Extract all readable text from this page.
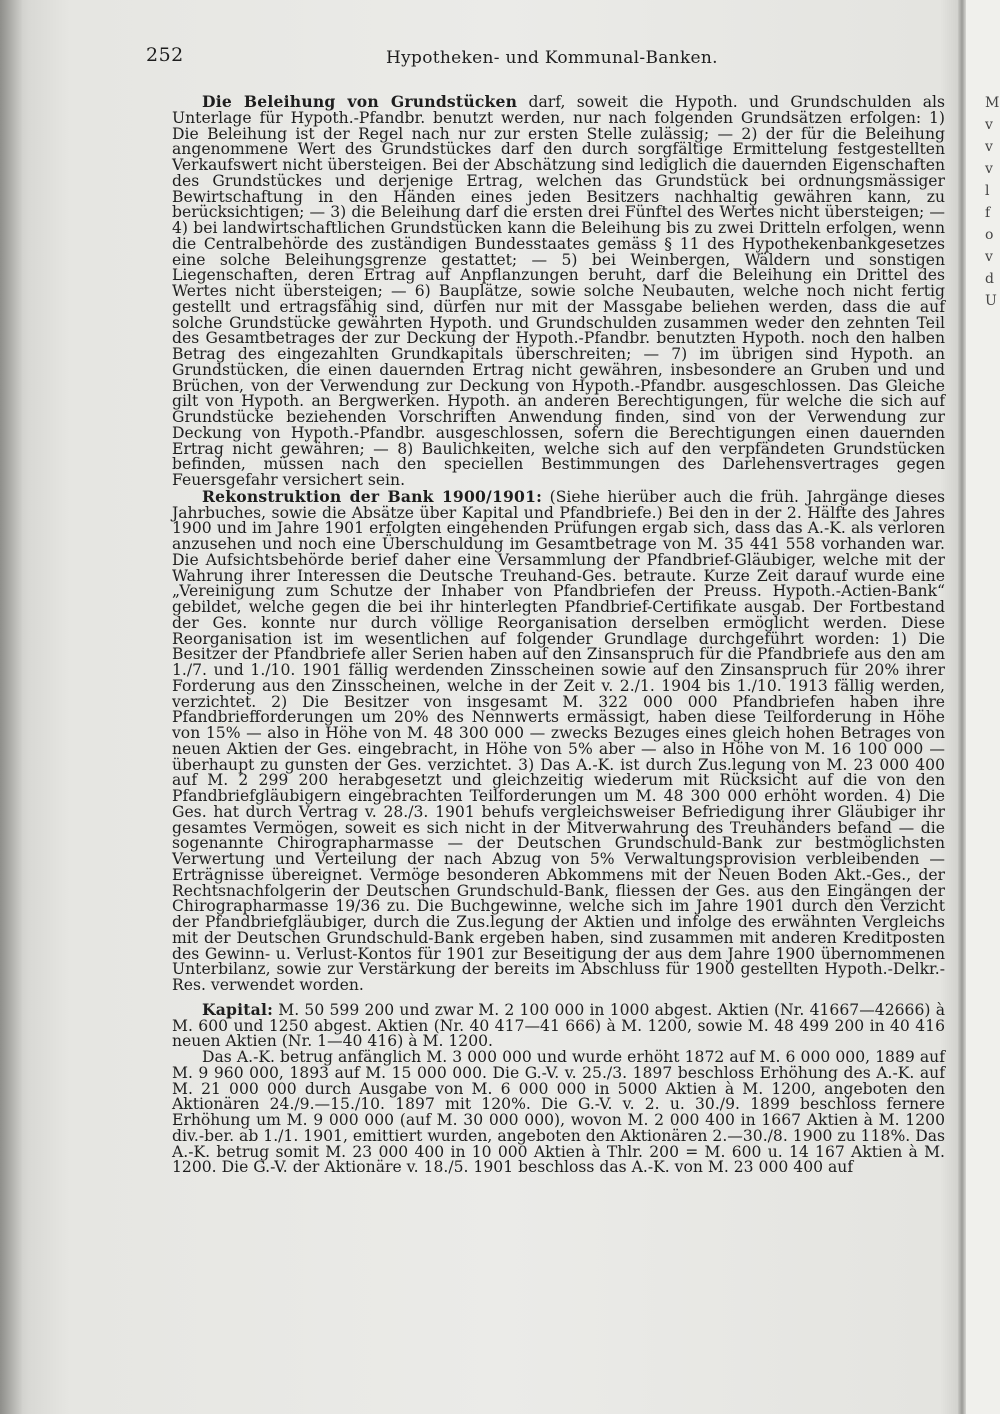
252	Hypotheken- und Kommunal-Banken.

Die Beleihung von Grundstücken darf, soweit die Hypoth. und Grundschulden als Unterlage für Hypoth.-Pfandbr. benutzt werden, nur nach folgenden Grundsätzen erfolgen: 1) Die Beleihung ist der Regel nach nur zur ersten Stelle zulässig; — 2) der für die Beleihung angenommene Wert des Grundstückes darf den durch sorgfältige Ermittelung festgestellten Verkaufswert nicht übersteigen. Bei der Abschätzung sind lediglich die dauernden Eigenschaften des Grundstückes und derjenige Ertrag, welchen das Grundstück bei ordnungsmässiger Bewirtschaftung in den Händen eines jeden Besitzers nachhaltig gewähren kann, zu berücksichtigen; — 3) die Beleihung darf die ersten drei Fünftel des Wertes nicht übersteigen; — 4) bei landwirtschaftlichen Grundstücken kann die Beleihung bis zu zwei Dritteln erfolgen, wenn die Centralbehörde des zuständigen Bundesstaates gemäss § 11 des Hypothekenbankgesetzes eine solche Beleihungsgrenze gestattet; — 5) bei Weinbergen, Wäldern und sonstigen Liegenschaften, deren Ertrag auf Anpflanzungen beruht, darf die Beleihung ein Drittel des Wertes nicht übersteigen; — 6) Bauplätze, sowie solche Neubauten, welche noch nicht fertig gestellt und ertragsfähig sind, dürfen nur mit der Massgabe beliehen werden, dass die auf solche Grundstücke gewährten Hypoth. und Grundschulden zusammen weder den zehnten Teil des Gesamtbetrages der zur Deckung der Hypoth.-Pfandbr. benutzten Hypoth. noch den halben Betrag des eingezahlten Grundkapitals überschreiten; — 7) im übrigen sind Hypoth. an Grundstücken, die einen dauernden Ertrag nicht gewähren, insbesondere an Gruben und und Brüchen, von der Verwendung zur Deckung von Hypoth.-Pfandbr. ausgeschlossen. Das Gleiche gilt von Hypoth. an Bergwerken. Hypoth. an anderen Berechtigungen, für welche die sich auf Grundstücke beziehenden Vorschriften Anwendung finden, sind von der Verwendung zur Deckung von Hypoth.-Pfandbr. ausgeschlossen, sofern die Berechtigungen einen dauernden Ertrag nicht gewähren; — 8) Baulichkeiten, welche sich auf den verpfändeten Grundstücken befinden, müssen nach den speciellen Bestimmungen des Darlehensvertrages gegen Feuersgefahr versichert sein.

Rekonstruktion der Bank 1900/1901: (Siehe hierüber auch die früh. Jahrgänge dieses Jahrbuches, sowie die Absätze über Kapital und Pfandbriefe.) Bei den in der 2. Hälfte des Jahres 1900 und im Jahre 1901 erfolgten eingehenden Prüfungen ergab sich, dass das A.-K. als verloren anzusehen und noch eine Überschuldung im Gesamtbetrage von M. 35 441 558 vorhanden war. Die Aufsichtsbehörde berief daher eine Versammlung der Pfandbrief-Gläubiger, welche mit der Wahrung ihrer Interessen die Deutsche Treuhand-Ges. betraute. Kurze Zeit darauf wurde eine „Vereinigung zum Schutze der Inhaber von Pfandbriefen der Preuss. Hypoth.-Actien-Bank“ gebildet, welche gegen die bei ihr hinterlegten Pfandbrief-Certifikate ausgab. Der Fortbestand der Ges. konnte nur durch völlige Reorganisation derselben ermöglicht werden. Diese Reorganisation ist im wesentlichen auf folgender Grundlage durchgeführt worden: 1) Die Besitzer der Pfandbriefe aller Serien haben auf den Zinsanspruch für die Pfandbriefe aus den am 1./7. und 1./10. 1901 fällig werdenden Zinsscheinen sowie auf den Zinsanspruch für 20% ihrer Forderung aus den Zinsscheinen, welche in der Zeit v. 2./1. 1904 bis 1./10. 1913 fällig werden, verzichtet. 2) Die Besitzer von insgesamt M. 322 000 000 Pfandbriefen haben ihre Pfandbriefforderungen um 20% des Nennwerts ermässigt, haben diese Teilforderung in Höhe von 15% — also in Höhe von M. 48 300 000 — zwecks Bezuges eines gleich hohen Betrages von neuen Aktien der Ges. eingebracht, in Höhe von 5% aber — also in Höhe von M. 16 100 000 — überhaupt zu gunsten der Ges. verzichtet. 3) Das A.-K. ist durch Zus.legung von M. 23 000 400 auf M. 2 299 200 herabgesetzt und gleichzeitig wiederum mit Rücksicht auf die von den Pfandbriefgläubigern eingebrachten Teilforderungen um M. 48 300 000 erhöht worden. 4) Die Ges. hat durch Vertrag v. 28./3. 1901 behufs vergleichsweiser Befriedigung ihrer Gläubiger ihr gesamtes Vermögen, soweit es sich nicht in der Mitverwahrung des Treuhänders befand — die sogenannte Chirographarmasse — der Deutschen Grundschuld-Bank zur bestmöglichsten Verwertung und Verteilung der nach Abzug von 5% Verwaltungsprovision verbleibenden — Erträgnisse übereignet. Vermöge besonderen Abkommens mit der Neuen Boden Akt.-Ges., der Rechtsnachfolgerin der Deutschen Grundschuld-Bank, fliessen der Ges. aus den Eingängen der Chirographarmasse 19/36 zu. Die Buchgewinne, welche sich im Jahre 1901 durch den Verzicht der Pfandbriefgläubiger, durch die Zus.legung der Aktien und infolge des erwähnten Vergleichs mit der Deutschen Grundschuld-Bank ergeben haben, sind zusammen mit anderen Kreditposten des Gewinn- u. Verlust-Kontos für 1901 zur Beseitigung der aus dem Jahre 1900 übernommenen Unterbilanz, sowie zur Verstärkung der bereits im Abschluss für 1900 gestellten Hypoth.-Delkr.-Res. verwendet worden.

Kapital: M. 50 599 200 und zwar M. 2 100 000 in 1000 abgest. Aktien (Nr. 41667—42666) à M. 600 und 1250 abgest. Aktien (Nr. 40 417—41 666) à M. 1200, sowie M. 48 499 200 in 40 416 neuen Aktien (Nr. 1—40 416) à M. 1200.

Das A.-K. betrug anfänglich M. 3 000 000 und wurde erhöht 1872 auf M. 6 000 000, 1889 auf M. 9 960 000, 1893 auf M. 15 000 000. Die G.-V. v. 25./3. 1897 beschloss Erhöhung des A.-K. auf M. 21 000 000 durch Ausgabe von M. 6 000 000 in 5000 Aktien à M. 1200, angeboten den Aktionären 24./9.—15./10. 1897 mit 120%. Die G.-V. v. 2. u. 30./9. 1899 beschloss fernere Erhöhung um M. 9 000 000 (auf M. 30 000 000), wovon M. 2 000 400 in 1667 Aktien à M. 1200 div.-ber. ab 1./1. 1901, emittiert wurden, angeboten den Aktionären 2.—30./8. 1900 zu 118%. Das A.-K. betrug somit M. 23 000 400 in 10 000 Aktien à Thlr. 200 = M. 600 u. 14 167 Aktien à M. 1200. Die G.-V. der Aktionäre v. 18./5. 1901 beschloss das A.-K. von M. 23 000 400 auf

M
v
v
v
l
f
o
v
d
U
